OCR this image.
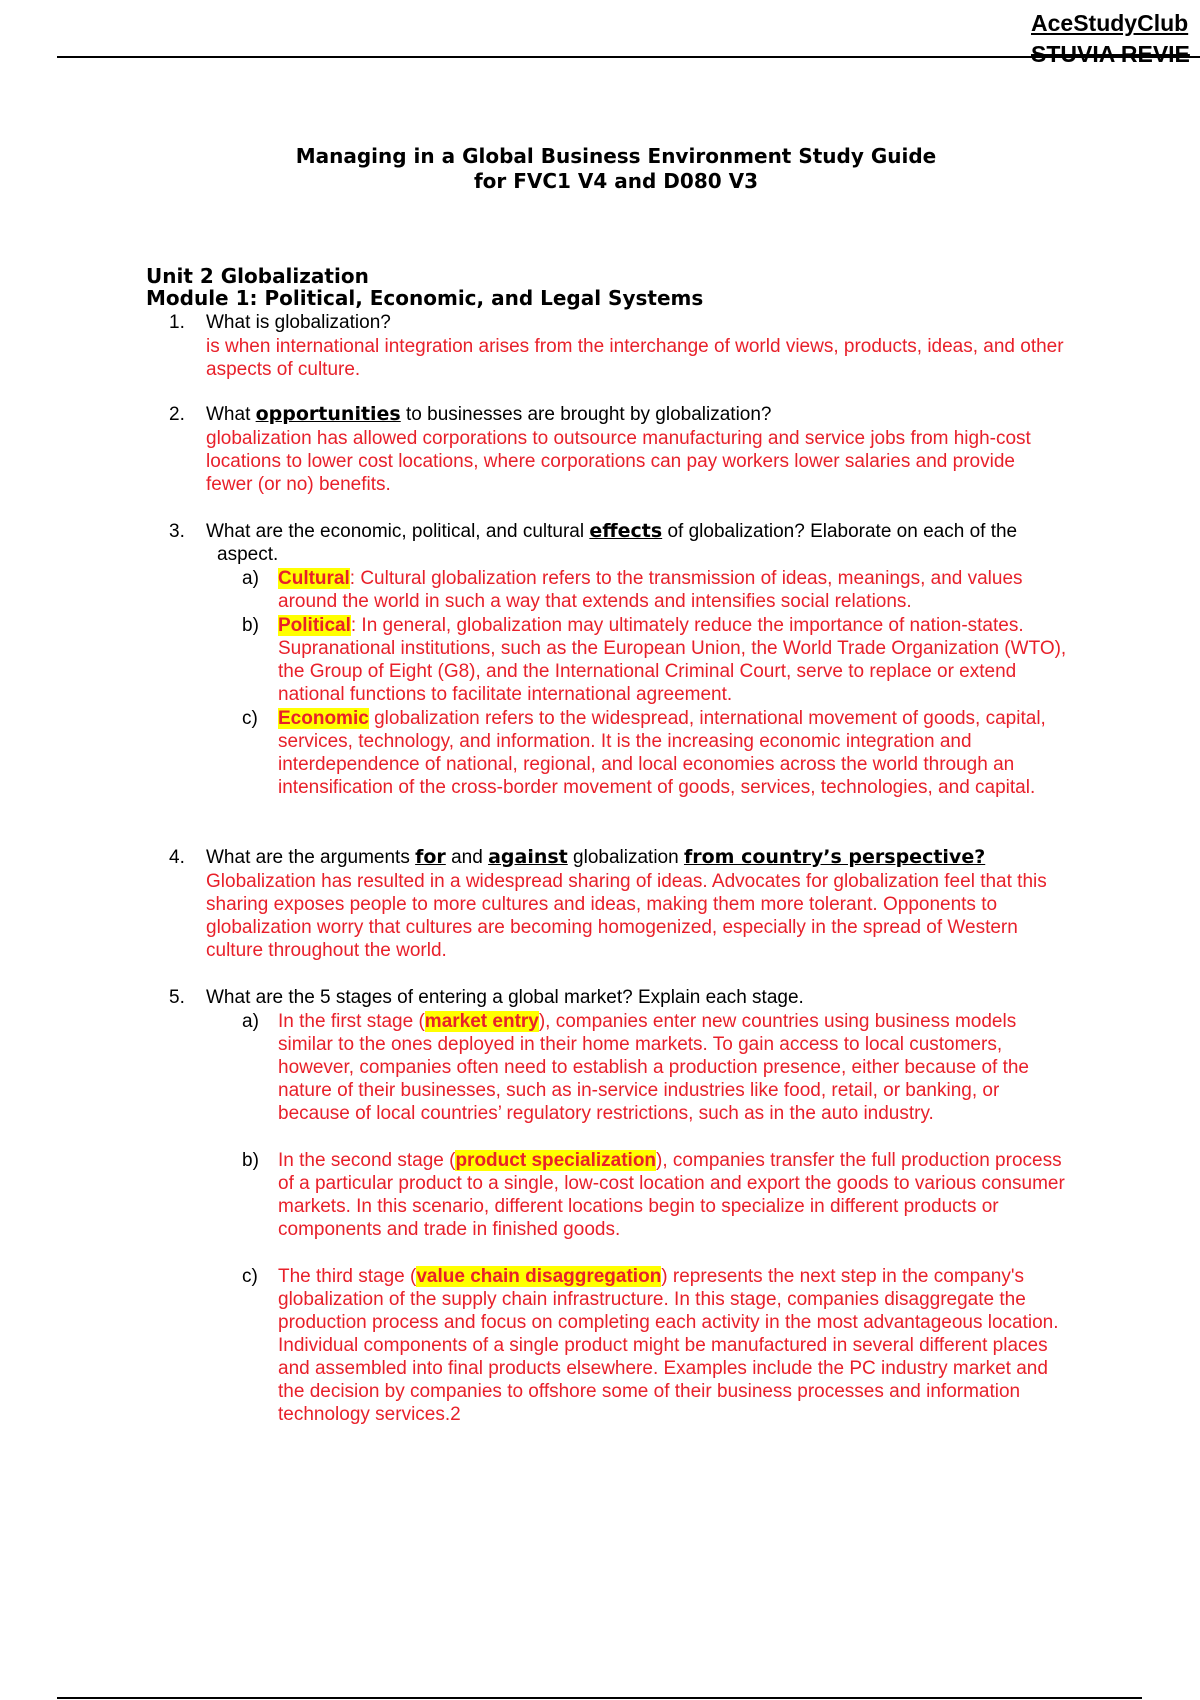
AceStudyClub
STUVIA REVIE
Managing in a Global Business Environment Study Guide
for FVC1 V4 and D080 V3
Unit 2 Globalization
Module 1: Political, Economic, and Legal Systems
1. What is globalization?
is when international integration arises from the interchange of world views, products, ideas, and other aspects of culture.
2. What opportunities to businesses are brought by globalization?
globalization has allowed corporations to outsource manufacturing and service jobs from high-cost locations to lower cost locations, where corporations can pay workers lower salaries and provide fewer (or no) benefits.
3. What are the economic, political, and cultural effects of globalization? Elaborate on each of the aspect.
a) Cultural: Cultural globalization refers to the transmission of ideas, meanings, and values around the world in such a way that extends and intensifies social relations.
b) Political: In general, globalization may ultimately reduce the importance of nation-states. Supranational institutions, such as the European Union, the World Trade Organization (WTO), the Group of Eight (G8), and the International Criminal Court, serve to replace or extend national functions to facilitate international agreement.
c) Economic globalization refers to the widespread, international movement of goods, capital, services, technology, and information. It is the increasing economic integration and interdependence of national, regional, and local economies across the world through an intensification of the cross-border movement of goods, services, technologies, and capital.
4. What are the arguments for and against globalization from country’s perspective?
Globalization has resulted in a widespread sharing of ideas. Advocates for globalization feel that this sharing exposes people to more cultures and ideas, making them more tolerant. Opponents to globalization worry that cultures are becoming homogenized, especially in the spread of Western culture throughout the world.
5. What are the 5 stages of entering a global market? Explain each stage.
a) In the first stage (market entry), companies enter new countries using business models similar to the ones deployed in their home markets. To gain access to local customers, however, companies often need to establish a production presence, either because of the nature of their businesses, such as in-service industries like food, retail, or banking, or because of local countries’ regulatory restrictions, such as in the auto industry.
b) In the second stage (product specialization), companies transfer the full production process of a particular product to a single, low-cost location and export the goods to various consumer markets. In this scenario, different locations begin to specialize in different products or components and trade in finished goods.
c) The third stage (value chain disaggregation) represents the next step in the company's globalization of the supply chain infrastructure. In this stage, companies disaggregate the production process and focus on completing each activity in the most advantageous location. Individual components of a single product might be manufactured in several different places and assembled into final products elsewhere. Examples include the PC industry market and the decision by companies to offshore some of their business processes and information technology services.2
